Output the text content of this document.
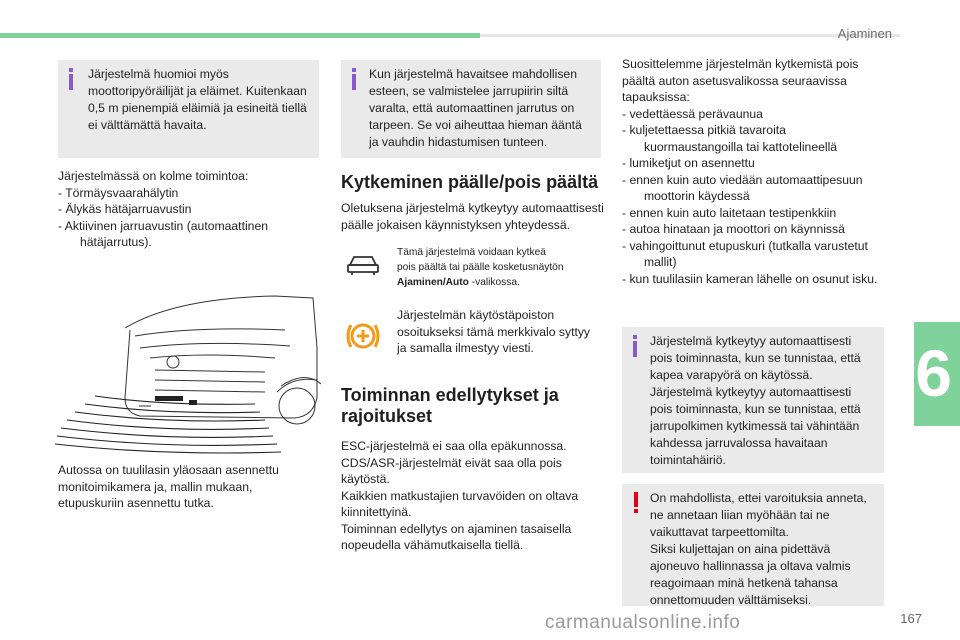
Ajaminen
6
Järjestelmä huomioi myös moottoripyöräilijät ja eläimet. Kuitenkaan 0,5 m pienempiä eläimiä ja esineitä tiellä ei välttämättä havaita.
Järjestelmässä on kolme toimintoa:
- Törmäysvaarahälytin
- Älykäs hätäjarruavustin
- Aktiivinen jarruavustin (automaattinen hätäjarrutus).
Autossa on tuulilasin yläosaan asennettu monitoimikamera ja, mallin mukaan, etupuskuriin asennettu tutka.
Kun järjestelmä havaitsee mahdollisen esteen, se valmistelee jarrupiirin siltä varalta, että automaattinen jarrutus on tarpeen. Se voi aiheuttaa hieman ääntä ja vauhdin hidastumisen tunteen.
Kytkeminen päälle/pois päältä
Oletuksena järjestelmä kytkeytyy automaattisesti päälle jokaisen käynnistyksen yhteydessä.
Tämä järjestelmä voidaan kytkeä
pois päältä tai päälle kosketusnäytön
Ajaminen/Auto -valikossa.
Järjestelmän käytöstäpoiston osoitukseksi tämä merkkivalo syttyy ja samalla ilmestyy viesti.
Toiminnan edellytykset ja rajoitukset
ESC-järjestelmä ei saa olla epäkunnossa.
CDS/ASR-järjestelmät eivät saa olla pois käytöstä.
Kaikkien matkustajien turvavöiden on oltava kiinnitettyinä.
Toiminnan edellytys on ajaminen tasaisella nopeudella vähämutkaisella tiellä.
Suosittelemme järjestelmän kytkemistä pois päältä auton asetusvalikossa seuraavissa tapauksissa:
- vedettäessä perävaunua
- kuljetettaessa pitkiä tavaroita kuormaustangoilla tai kattotelineellä
- lumiketjut on asennettu
- ennen kuin auto viedään automaattipesuun moottorin käydessä
- ennen kuin auto laitetaan testipenkkiin
- autoa hinataan ja moottori on käynnissä
- vahingoittunut etupuskuri (tutkalla varustetut mallit)
- kun tuulilasiin kameran lähelle on osunut isku.
Järjestelmä kytkeytyy automaattisesti pois toiminnasta, kun se tunnistaa, että kapea varapyörä on käytössä.
Järjestelmä kytkeytyy automaattisesti pois toiminnasta, kun se tunnistaa, että jarrupolkimen kytkimessä tai vähintään kahdessa jarruvalossa havaitaan toimintahäiriö.
On mahdollista, ettei varoituksia anneta, ne annetaan liian myöhään tai ne vaikuttavat tarpeettomilta.
Siksi kuljettajan on aina pidettävä ajoneuvo hallinnassa ja oltava valmis reagoimaan minä hetkenä tahansa onnettomuuden välttämiseksi.
carmanualsonline.info	167
